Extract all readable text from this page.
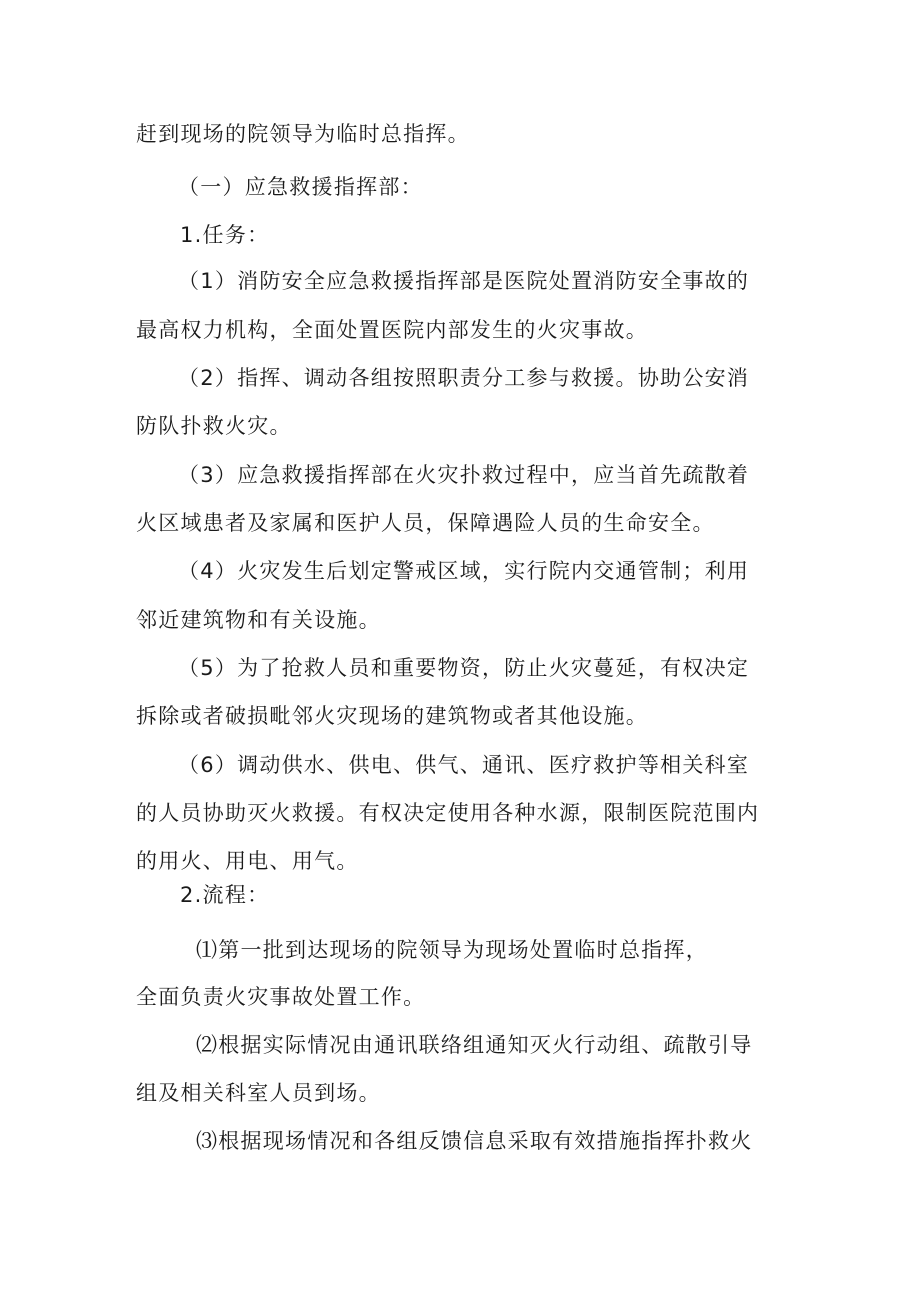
赶到现场的院领导为临时总指挥。
（一）应急救援指挥部：
1.任务：
（1）消防安全应急救援指挥部是医院处置消防安全事故的
最高权力机构，全面处置医院内部发生的火灾事故。
（2）指挥、调动各组按照职责分工参与救援。协助公安消
防队扑救火灾。
（3）应急救援指挥部在火灾扑救过程中，应当首先疏散着
火区域患者及家属和医护人员，保障遇险人员的生命安全。
（4）火灾发生后划定警戒区域，实行院内交通管制；利用
邻近建筑物和有关设施。
（5）为了抢救人员和重要物资，防止火灾蔓延，有权决定
拆除或者破损毗邻火灾现场的建筑物或者其他设施。
（6）调动供水、供电、供气、通讯、医疗救护等相关科室
的人员协助灭火救援。有权决定使用各种水源，限制医院范围内
的用火、用电、用气。
2.流程：
⑴第一批到达现场的院领导为现场处置临时总指挥，
全面负责火灾事故处置工作。
⑵根据实际情况由通讯联络组通知灭火行动组、疏散引导
组及相关科室人员到场。
⑶根据现场情况和各组反馈信息采取有效措施指挥扑救火
